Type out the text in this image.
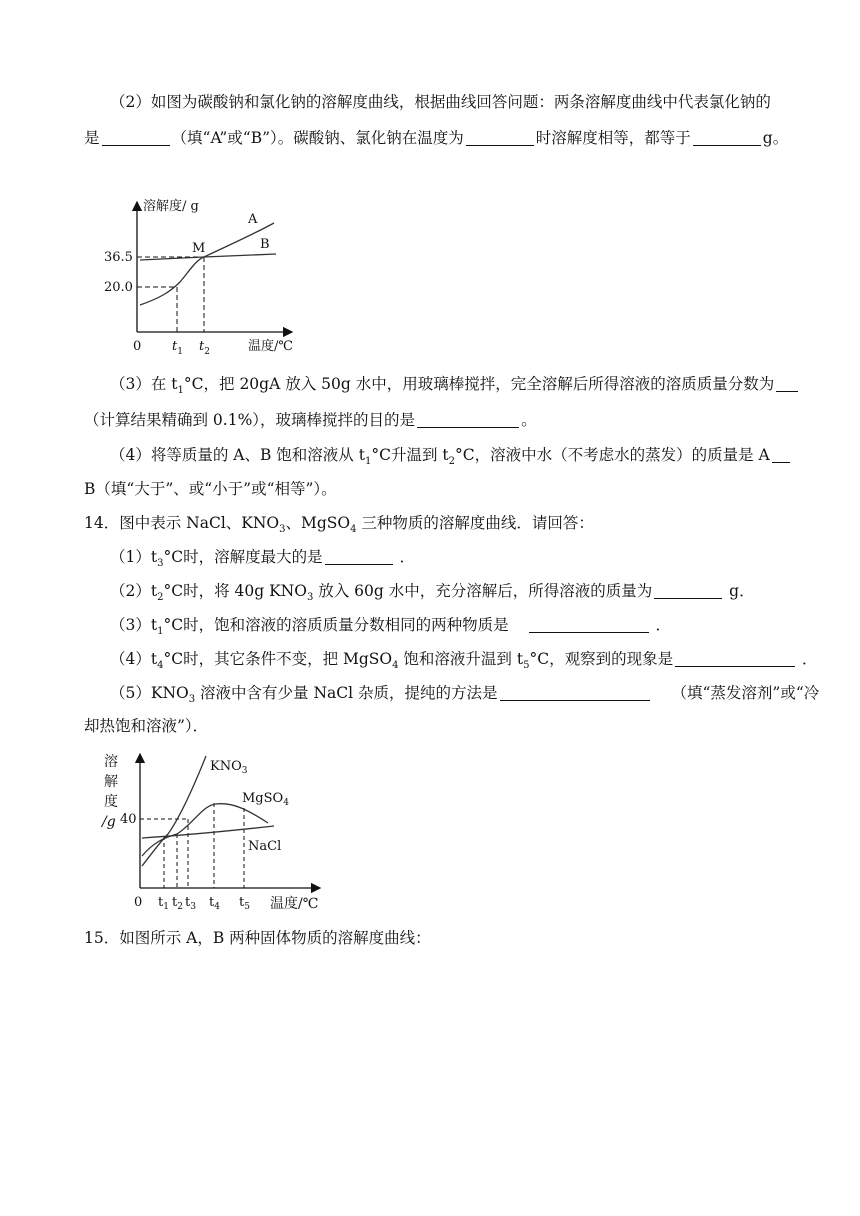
（2）如图为碳酸钠和氯化钠的溶解度曲线，根据曲线回答问题：两条溶解度曲线中代表氯化钠的
是	（填“A”或“B”）。碳酸钠、氯化钠在温度为	时溶解度相等，都等于	g。
溶解度/ g
A
B
M
36.5
20.0
0 $t_1$ $t_2$	温度/℃
（3）在 $t_1^\circ C$，把 20gA 放入 50g 水中，用玻璃棒搅拌，完全溶解后所得溶液的溶质质量分数为
（计算结果精确到 0.1%），玻璃棒搅拌的目的是	。
（4）将等质量的 A、B 饱和溶液从 $t_1^\circ C$升温到 $t_2^\circ C$，溶液中水（不考虑水的蒸发）的质量是 A
B（填“大于”、或“小于”或“相等”）。
14．图中表示 NaCl、$KNO_3$、MgSO$_4$ 三种物质的溶解度曲线．请回答：
$(1)t_3^\circ C$时，溶解度最大的是	．
$(2)t_2^\circ C$时，将 40g $KNO_3$ 放入 60g 水中，充分溶解后，所得溶液的质量为	g．
$(3)t_1^\circ C$时，饱和溶液的溶质质量分数相同的两种物质是	．
$(4)t_4^\circ C$时，其它条件不变，把 MgSO$_4$ 饱和溶液升温到 $t_5^\circ C$，观察到的现象是	．
$(5)KNO_3$ 溶液中含有少量 NaCl 杂质，提纯的方法是	（填“蒸发溶剂”或“冷
却热饱和溶液”）．
溶
解
度
/g 40
$KNO_3$
MgSO$_4$
NaCl
0 $t_1$ $t_2$ $t_3$ $t_4$ $t_5$ 温度/℃
15．如图所示 A，B 两种固体物质的溶解度曲线：
